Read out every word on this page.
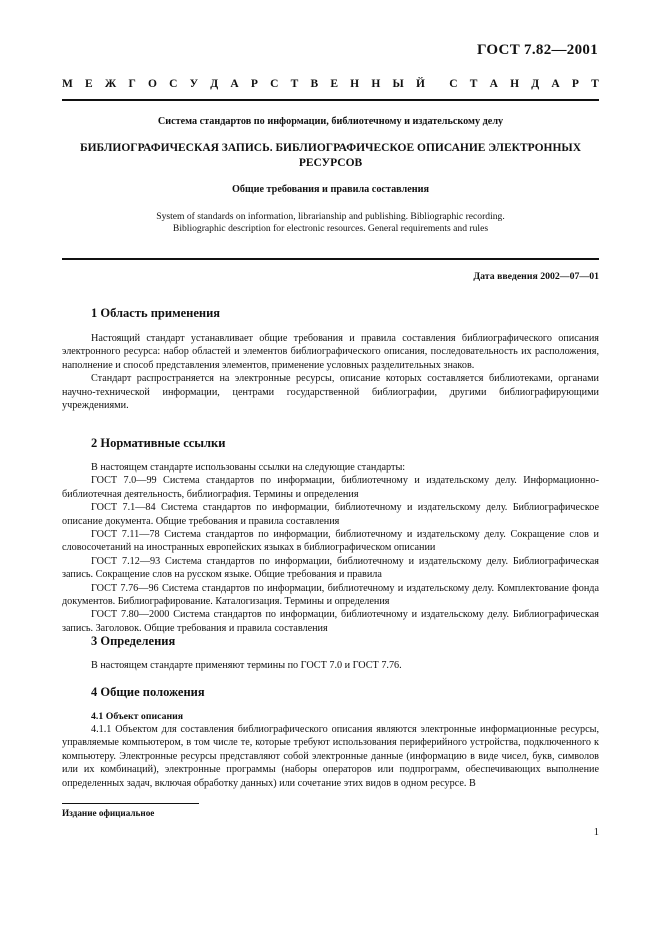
ГОСТ 7.82—2001
М Е Ж Г О С У Д А Р С Т В Е Н Н Ы Й С Т А Н Д А Р Т
Система стандартов по информации, библиотечному и издательскому делу
БИБЛИОГРАФИЧЕСКАЯ ЗАПИСЬ. БИБЛИОГРАФИЧЕСКОЕ ОПИСАНИЕ ЭЛЕКТРОННЫХ
РЕСУРСОВ
Общие требования и правила составления
System of standards on information, librarianship and publishing. Bibliographic recording.
Bibliographic description for electronic resources. General requirements and rules
Дата введения 2002—07—01
1 Область применения

Настоящий стандарт устанавливает общие требования и правила составления библиографического описания электронного ресурса: набор областей и элементов библиографического описания, последовательность их расположения, наполнение и способ представления элементов, применение условных разделительных знаков.

Стандарт распространяется на электронные ресурсы, описание которых составляется библиотеками, органами научно-технической информации, центрами государственной библиографии, другими библиографирующими учреждениями.

2 Нормативные ссылки

В настоящем стандарте использованы ссылки на следующие стандарты:

ГОСТ 7.0—99 Система стандартов по информации, библиотечному и издательскому делу. Информационно-библиотечная деятельность, библиография. Термины и определения

ГОСТ 7.1—84 Система стандартов по информации, библиотечному и издательскому делу. Библиографическое описание документа. Общие требования и правила составления

ГОСТ 7.11—78 Система стандартов по информации, библиотечному и издательскому делу. Сокращение слов и словосочетаний на иностранных европейских языках в библиографическом описании

ГОСТ 7.12—93 Система стандартов по информации, библиотечному и издательскому делу. Библиографическая запись. Сокращение слов на русском языке. Общие требования и правила

ГОСТ 7.76—96 Система стандартов по информации, библиотечному и издательскому делу. Комплектование фонда документов. Библиографирование. Каталогизация. Термины и определения

ГОСТ 7.80—2000 Система стандартов по информации, библиотечному и издательскому делу. Библиографическая запись. Заголовок. Общие требования и правила составления

3 Определения

В настоящем стандарте применяют термины по ГОСТ 7.0 и ГОСТ 7.76.

4 Общие положения
4.1 Объект описания

4.1.1 Объектом для составления библиографического описания являются электронные информационные ресурсы, управляемые компьютером, в том числе те, которые требуют использования периферийного устройства, подключенного к компьютеру. Электронные ресурсы представляют собой электронные данные (информацию в виде чисел, букв, символов или их комбинаций), электронные программы (наборы операторов или подпрограмм, обеспечивающих выполнение определенных задач, включая обработку данных) или сочетание этих видов в одном ресурсе. В

Издание официальное
1
